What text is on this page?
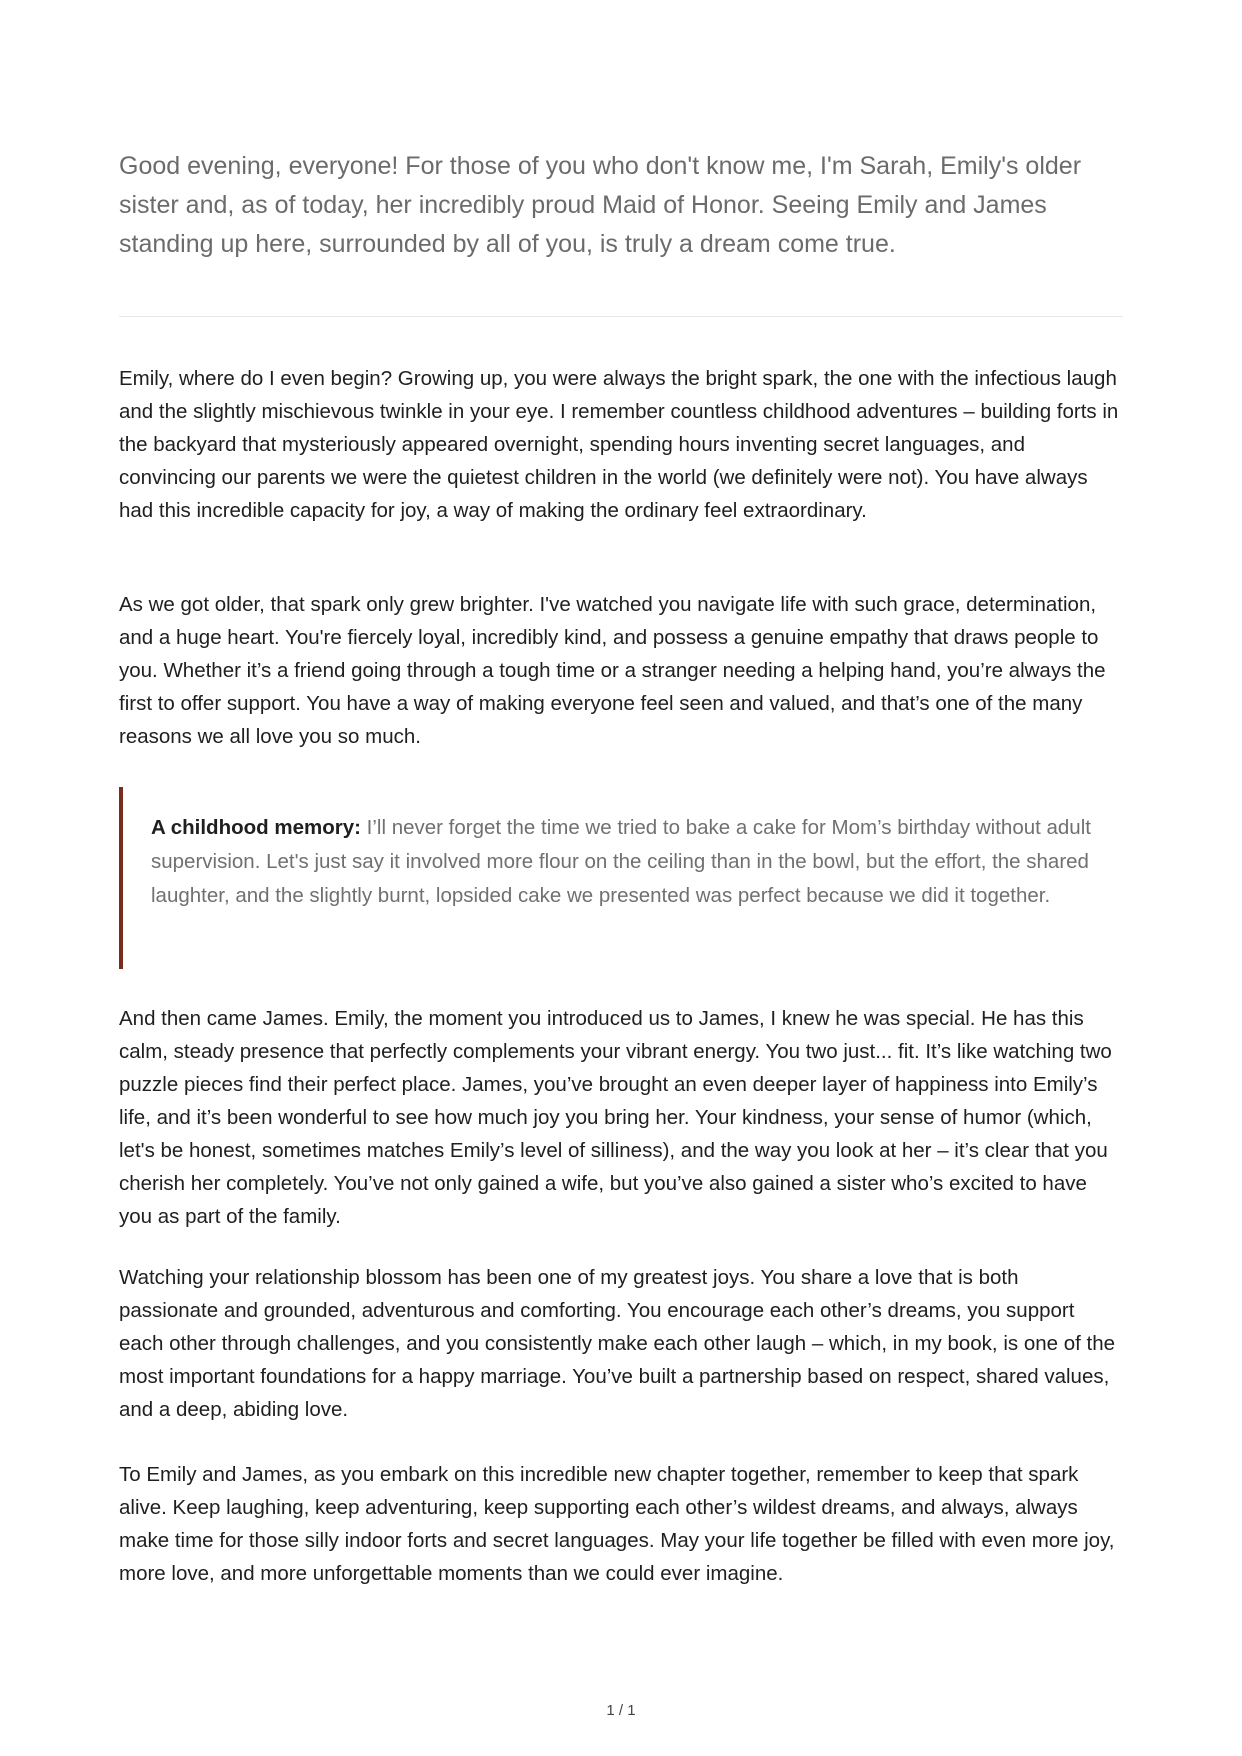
Good evening, everyone! For those of you who don't know me, I'm Sarah, Emily's older sister and, as of today, her incredibly proud Maid of Honor. Seeing Emily and James standing up here, surrounded by all of you, is truly a dream come true.

Emily, where do I even begin? Growing up, you were always the bright spark, the one with the infectious laugh and the slightly mischievous twinkle in your eye. I remember countless childhood adventures – building forts in the backyard that mysteriously appeared overnight, spending hours inventing secret languages, and convincing our parents we were the quietest children in the world (we definitely were not). You have always had this incredible capacity for joy, a way of making the ordinary feel extraordinary.

As we got older, that spark only grew brighter. I've watched you navigate life with such grace, determination, and a huge heart. You're fiercely loyal, incredibly kind, and possess a genuine empathy that draws people to you. Whether it’s a friend going through a tough time or a stranger needing a helping hand, you’re always the first to offer support. You have a way of making everyone feel seen and valued, and that’s one of the many reasons we all love you so much.

A childhood memory: I’ll never forget the time we tried to bake a cake for Mom’s birthday without adult supervision. Let's just say it involved more flour on the ceiling than in the bowl, but the effort, the shared laughter, and the slightly burnt, lopsided cake we presented was perfect because we did it together.

And then came James. Emily, the moment you introduced us to James, I knew he was special. He has this calm, steady presence that perfectly complements your vibrant energy. You two just... fit. It’s like watching two puzzle pieces find their perfect place. James, you’ve brought an even deeper layer of happiness into Emily’s life, and it’s been wonderful to see how much joy you bring her. Your kindness, your sense of humor (which, let's be honest, sometimes matches Emily’s level of silliness), and the way you look at her – it’s clear that you cherish her completely. You’ve not only gained a wife, but you’ve also gained a sister who’s excited to have you as part of the family.

Watching your relationship blossom has been one of my greatest joys. You share a love that is both passionate and grounded, adventurous and comforting. You encourage each other’s dreams, you support each other through challenges, and you consistently make each other laugh – which, in my book, is one of the most important foundations for a happy marriage. You’ve built a partnership based on respect, shared values, and a deep, abiding love.

To Emily and James, as you embark on this incredible new chapter together, remember to keep that spark alive. Keep laughing, keep adventuring, keep supporting each other’s wildest dreams, and always, always make time for those silly indoor forts and secret languages. May your life together be filled with even more joy, more love, and more unforgettable moments than we could ever imagine.

1 / 1
